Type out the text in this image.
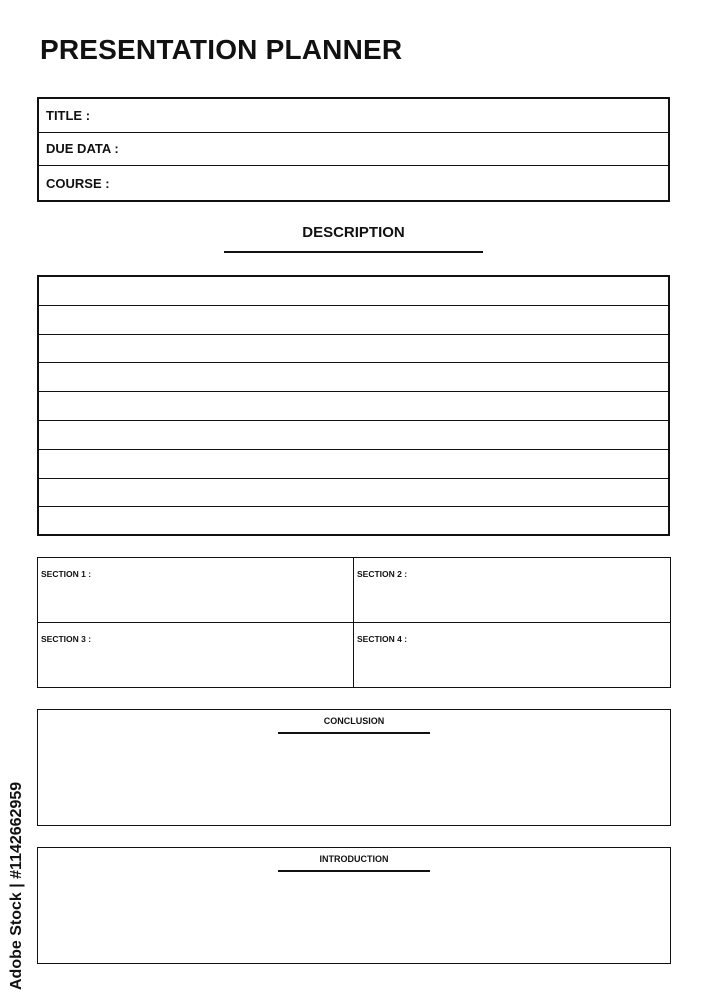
PRESENTATION PLANNER
TITLE :
DUE DATA :
COURSE :
DESCRIPTION
SECTION 1 :	SECTION 2 :
SECTION 3 :	SECTION 4 :
CONCLUSION
INTRODUCTION
Adobe Stock | #1142662959
